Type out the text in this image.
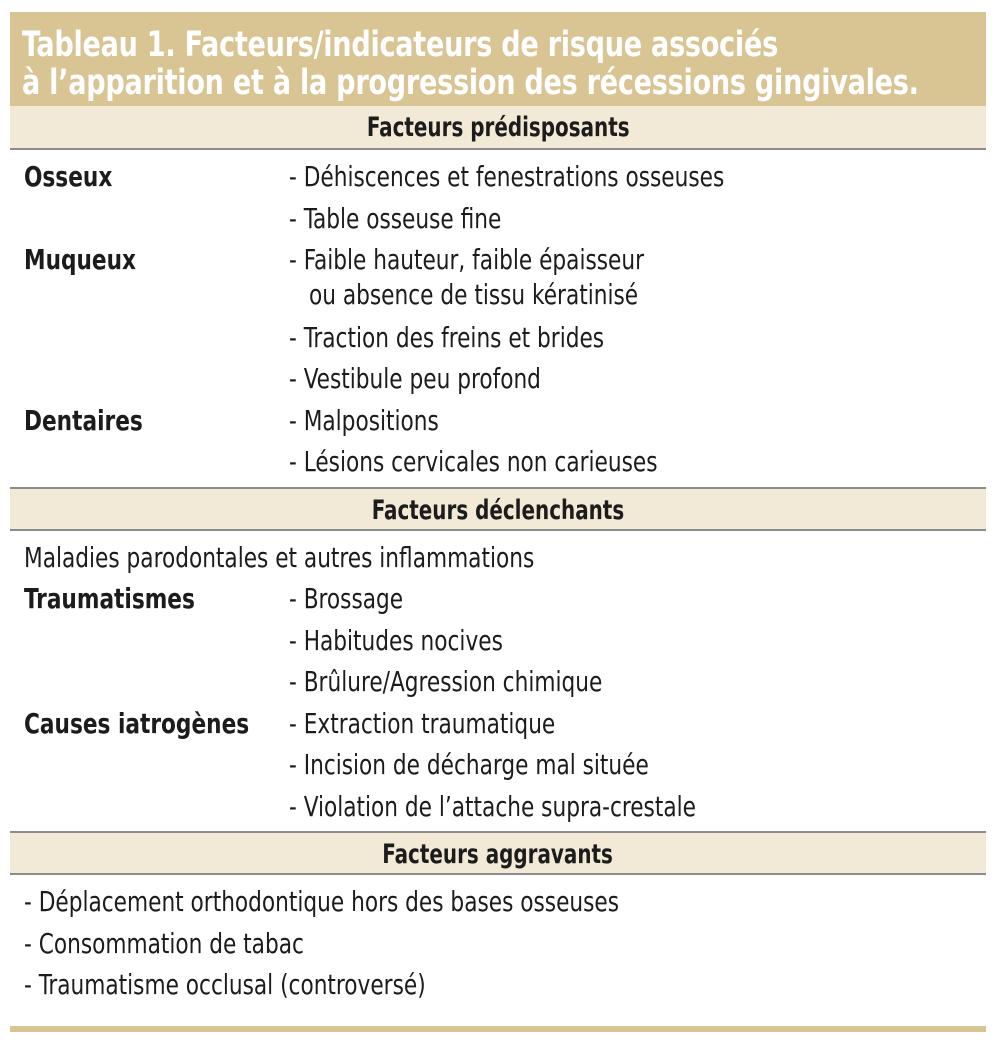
Tableau 1. Facteurs/indicateurs de risque associés
à l’apparition et à la progression des récessions gingivales.
Facteurs prédisposants
Osseux	- Déhiscences et fenestrations osseuses
- Table osseuse fine
Muqueux	- Faible hauteur, faible épaisseur
ou absence de tissu kératinisé
- Traction des freins et brides
- Vestibule peu profond
Dentaires	- Malpositions
- Lésions cervicales non carieuses
Facteurs déclenchants
Maladies parodontales et autres inflammations
Traumatismes	- Brossage
- Habitudes nocives
- Brûlure/Agression chimique
Causes iatrogènes	- Extraction traumatique
- Incision de décharge mal située
- Violation de l’attache supra-crestale
Facteurs aggravants
- Déplacement orthodontique hors des bases osseuses
- Consommation de tabac
- Traumatisme occlusal (controversé)
